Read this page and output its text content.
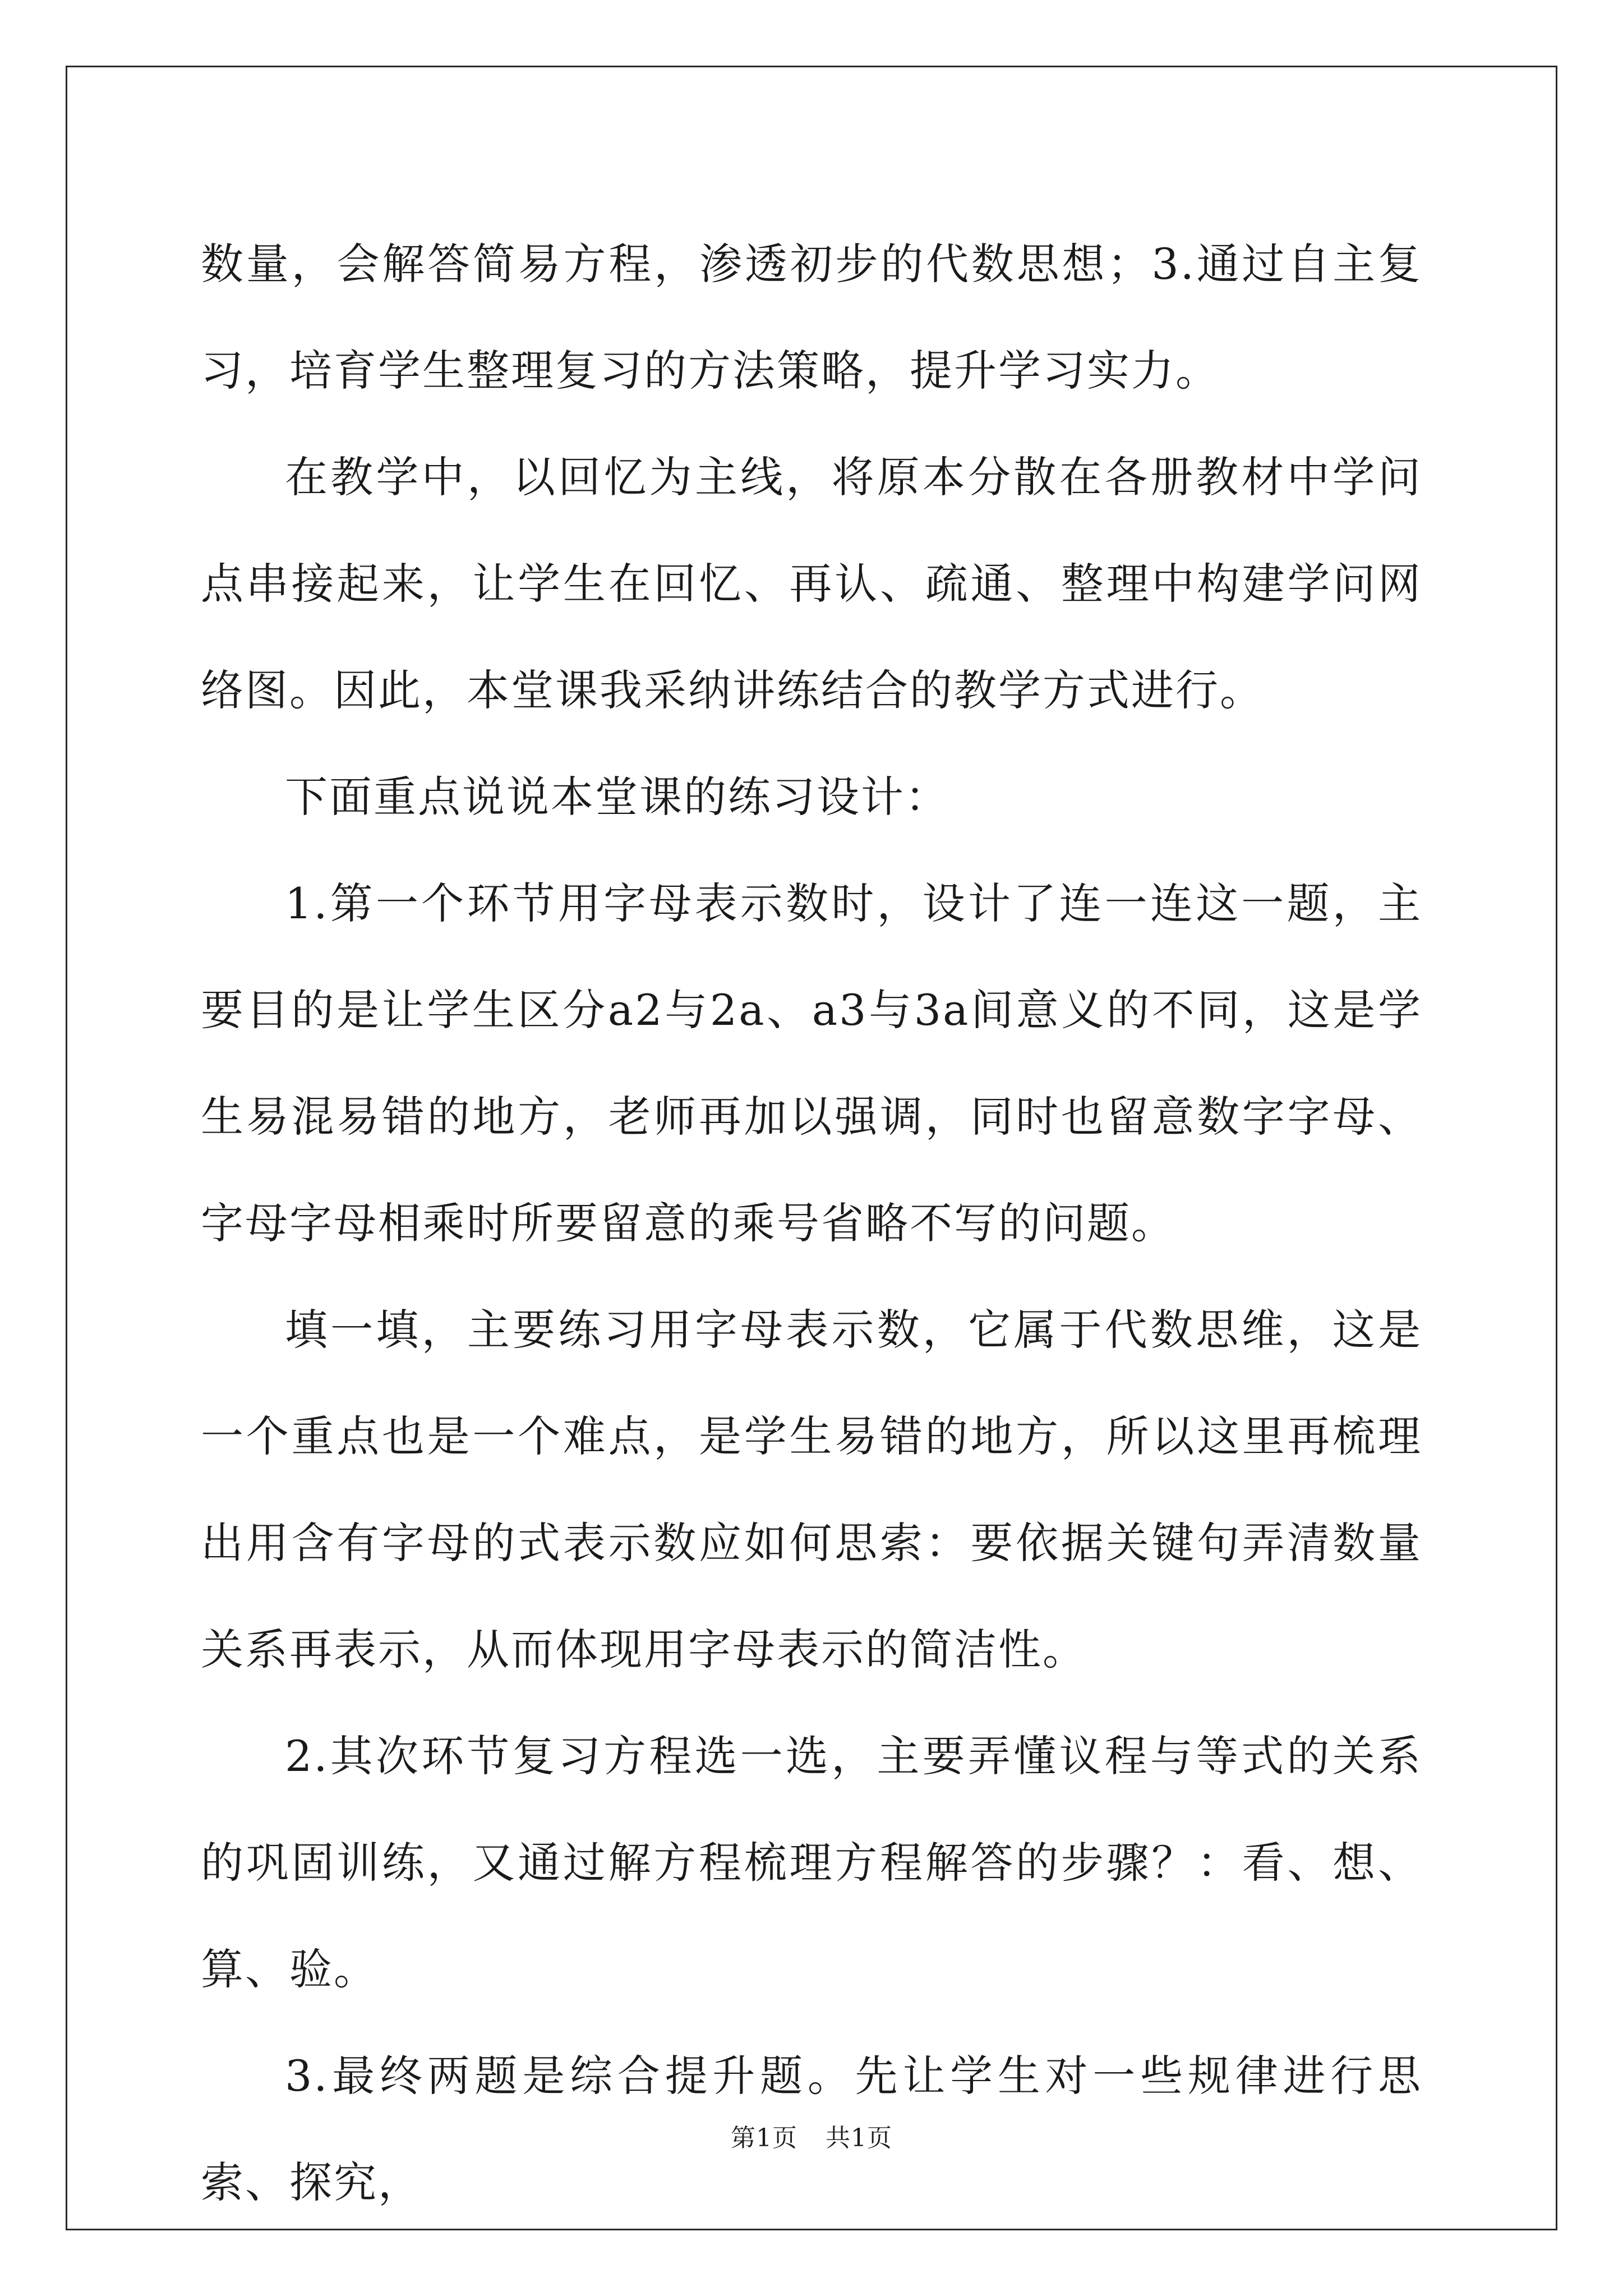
数量，会解答简易方程，渗透初步的代数思想；3.通过自主复习，培育学生整理复习的方法策略，提升学习实力。

在教学中，以回忆为主线，将原本分散在各册教材中学问点串接起来，让学生在回忆、再认、疏通、整理中构建学问网络图。因此，本堂课我采纳讲练结合的教学方式进行。

下面重点说说本堂课的练习设计：

1.第一个环节用字母表示数时，设计了连一连这一题，主要目的是让学生区分a2与2a、a3与3a间意义的不同，这是学生易混易错的地方，老师再加以强调，同时也留意数字字母、字母字母相乘时所要留意的乘号省略不写的问题。

填一填，主要练习用字母表示数，它属于代数思维，这是一个重点也是一个难点，是学生易错的地方，所以这里再梳理出用含有字母的式表示数应如何思索：要依据关键句弄清数量关系再表示，从而体现用字母表示的简洁性。

2.其次环节复习方程选一选，主要弄懂议程与等式的关系的巩固训练，又通过解方程梳理方程解答的步骤？：看、想、算、验。

3.最终两题是综合提升题。先让学生对一些规律进行思索、探究，

第1页 共1页
